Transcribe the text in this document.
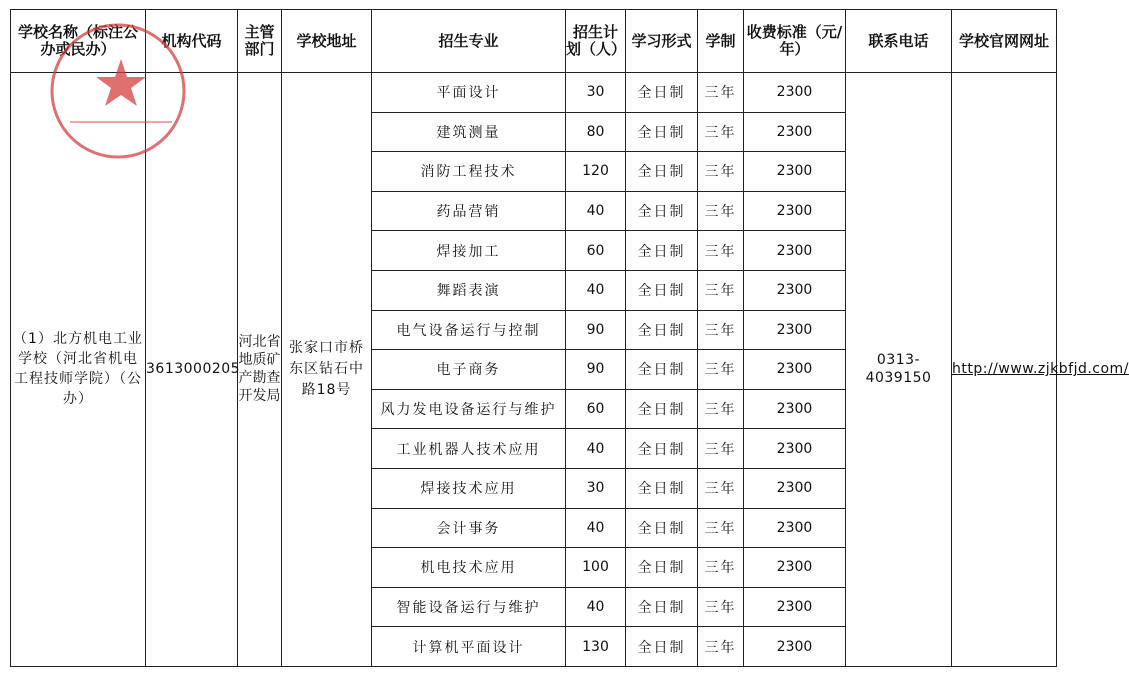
学校名称（标注公办或民办）	机构代码	主管部门	学校地址	招生专业	招生计划（人）	学习形式	学制	收费标准（元/年）	联系电话	学校官网网址
（1）北方机电工业学校（河北省机电工程技师学院）（公办）	3613000205	河北省地质矿产勘查开发局	张家口市桥东区钻石中路18号	平面设计	30	全日制	三年	2300	0313-4039150	http://www.zjkbfjd.com/
				建筑测量	80	全日制	三年	2300		
				消防工程技术	120	全日制	三年	2300		
				药品营销	40	全日制	三年	2300		
				焊接加工	60	全日制	三年	2300		
				舞蹈表演	40	全日制	三年	2300		
				电气设备运行与控制	90	全日制	三年	2300		
				电子商务	90	全日制	三年	2300		
				风力发电设备运行与维护	60	全日制	三年	2300		
				工业机器人技术应用	40	全日制	三年	2300		
				焊接技术应用	30	全日制	三年	2300		
				会计事务	40	全日制	三年	2300		
				机电技术应用	100	全日制	三年	2300		
				智能设备运行与维护	40	全日制	三年	2300		
				计算机平面设计	130	全日制	三年	2300		
